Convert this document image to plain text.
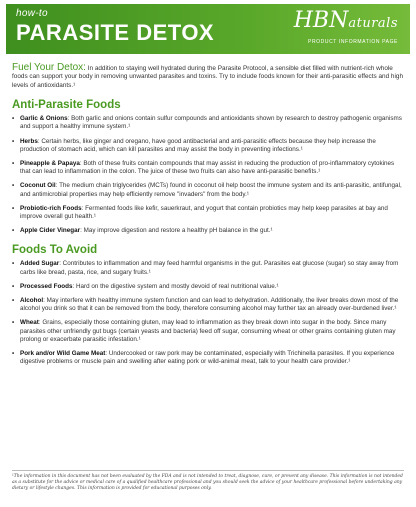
how-to
PARASITE DETOX	HBNaturals
PRODUCT INFORMATION PAGE

Fuel Your Detox: In addition to staying well hydrated during the Parasite Protocol, a sensible diet filled with nutrient-rich whole foods can support your body in removing unwanted parasites and toxins. Try to include foods known for their anti-parasitic effects and high levels of antioxidants.¹

Anti-Parasite Foods
• Garlic & Onions: Both garlic and onions contain sulfur compounds and antioxidants shown by research to destroy pathogenic organisms and support a healthy immune system.¹
• Herbs: Certain herbs, like ginger and oregano, have good antibacterial and anti-parasitic effects because they help increase the production of stomach acid, which can kill parasites and may assist the body in preventing infections.¹
• Pineapple & Papaya: Both of these fruits contain compounds that may assist in reducing the production of pro-inflammatory cytokines that can lead to inflammation in the colon. The juice of these two fruits can also have anti-parasitic benefits.¹
• Coconut Oil: The medium chain triglycerides (MCTs) found in coconut oil help boost the immune system and its anti-parasitic, antifungal, and antimicrobial properties may help efficiently remove "invaders" from the body.¹
• Probiotic-rich Foods: Fermented foods like kefir, sauerkraut, and yogurt that contain probiotics may help keep parasites at bay and improve overall gut health.¹
• Apple Cider Vinegar: May improve digestion and restore a healthy pH balance in the gut.¹
Foods To Avoid
• Added Sugar: Contributes to inflammation and may feed harmful organisms in the gut. Parasites eat glucose (sugar) so stay away from carbs like bread, pasta, rice, and sugary fruits.¹
• Processed Foods: Hard on the digestive system and mostly devoid of real nutritional value.¹
• Alcohol: May interfere with healthy immune system function and can lead to dehydration. Additionally, the liver breaks down most of the alcohol you drink so that it can be removed from the body, therefore consuming alcohol may further tax an already over-burdened liver.¹
• Wheat: Grains, especially those containing gluten, may lead to inflammation as they break down into sugar in the body. Since many parasites other unfriendly gut bugs (certain yeasts and bacteria) feed off sugar, consuming wheat or other grains containing gluten may prolong or exacerbate parasitic infestation.¹
• Pork and/or Wild Game Meat: Undercooked or raw pork may be contaminated, especially with Trichinella parasites. If you experience digestive problems or muscle pain and swelling after eating pork or wild-animal meat, talk to your health care provider.¹

¹The information in this document has not been evaluated by the FDA and is not intended to treat, diagnose, cure, or prevent any disease. This information is not intended as a substitute for the advice or medical care of a qualified healthcare professional and you should seek the advice of your healthcare professional before undertaking any dietary or lifestyle changes. This information is provided for educational purposes only.
